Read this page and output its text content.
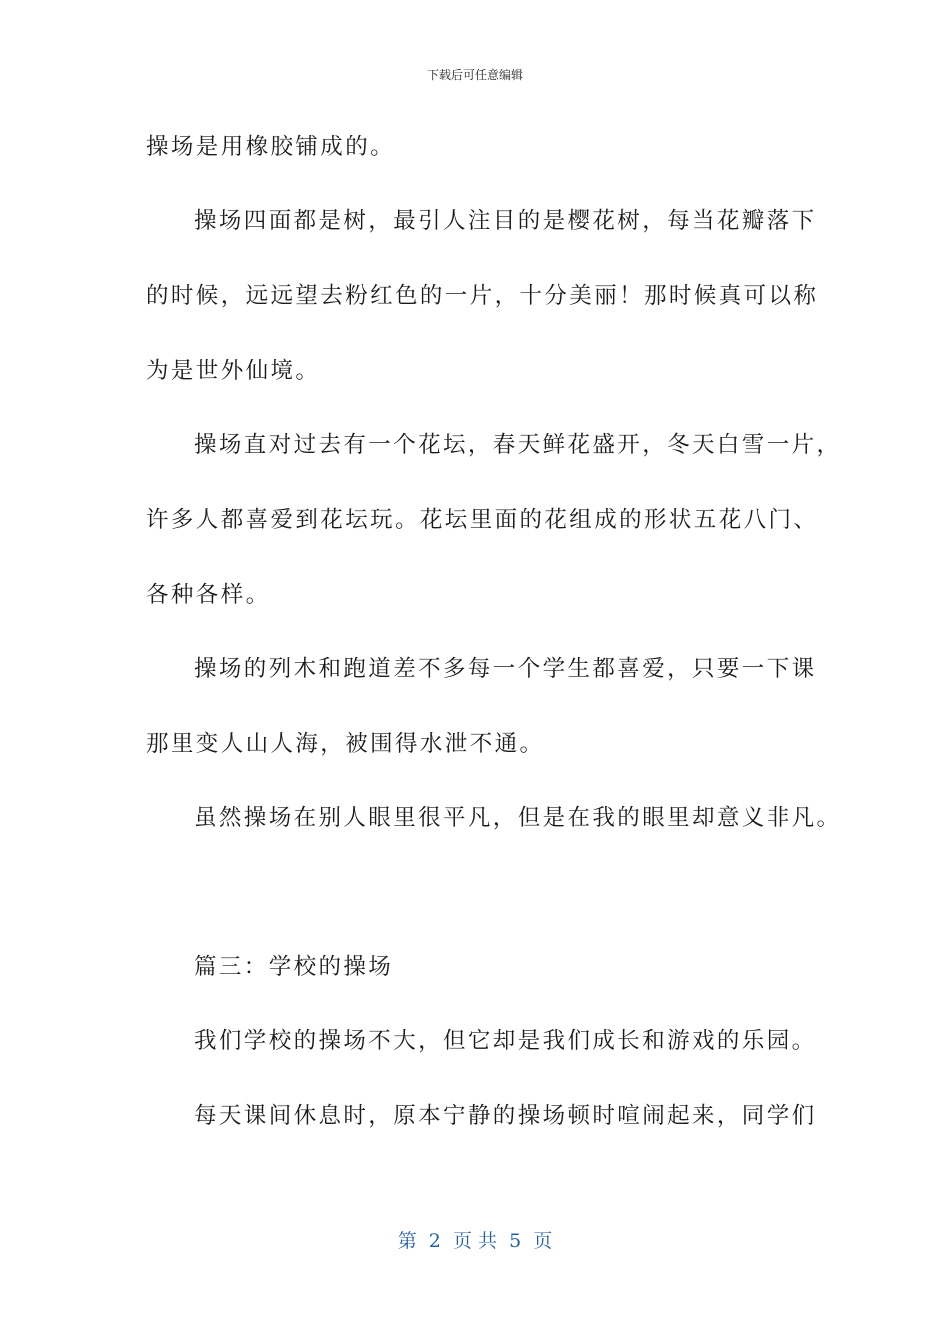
下载后可任意编辑
操场是用橡胶铺成的。
操场四面都是树，最引人注目的是樱花树，每当花瓣落下
的时候，远远望去粉红色的一片，十分美丽！那时候真可以称
为是世外仙境。
操场直对过去有一个花坛，春天鲜花盛开，冬天白雪一片，
许多人都喜爱到花坛玩。花坛里面的花组成的形状五花八门、
各种各样。
操场的列木和跑道差不多每一个学生都喜爱，只要一下课
那里变人山人海，被围得水泄不通。
虽然操场在别人眼里很平凡，但是在我的眼里却意义非凡。
篇三：学校的操场
我们学校的操场不大，但它却是我们成长和游戏的乐园。
每天课间休息时，原本宁静的操场顿时喧闹起来，同学们
第  2  页 共  5  页
